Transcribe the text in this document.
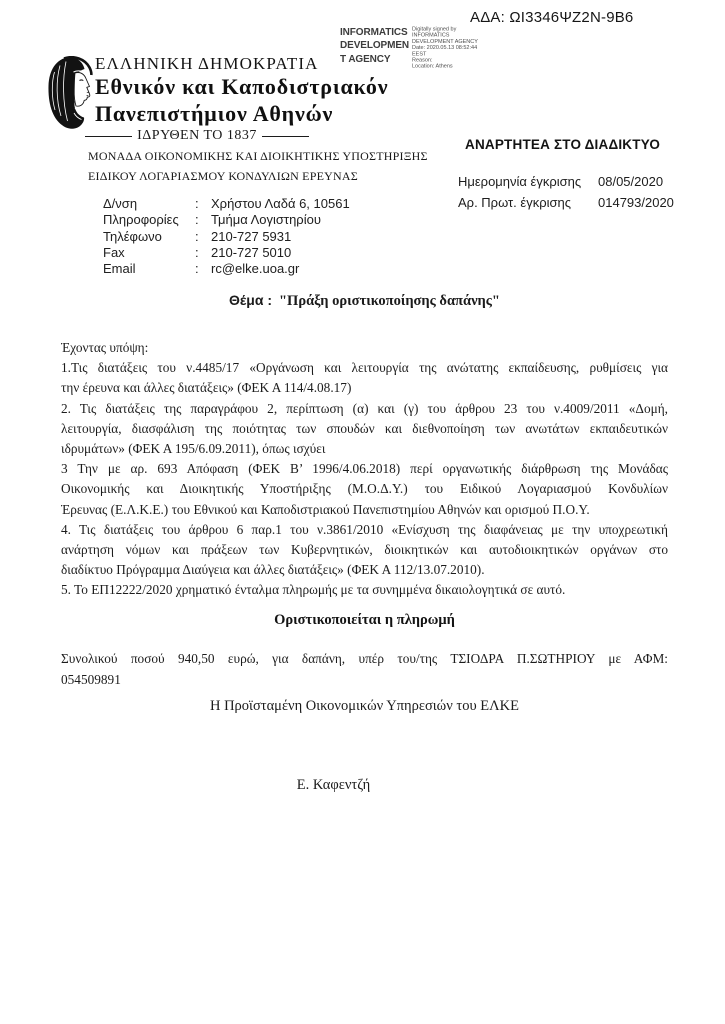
ΑΔΑ: ΩΙ3346ΨΖ2Ν-9Β6
INFORMATICS
DEVELOPMEN
T AGENCY
Digitally signed by
INFORMATICS
DEVELOPMENT AGENCY
Date: 2020.05.13 08:52:44
EEST
Reason:
Location: Athens
ΕΛΛΗΝΙΚΗ ΔΗΜΟΚΡΑΤΙΑ
Εθνικόν και Καποδιστριακόν
Πανεπιστήμιον Αθηνών
ΙΔΡΥΘΕΝ ΤΟ 1837
ΜΟΝΑΔΑ ΟΙΚΟΝΟΜΙΚΗΣ ΚΑΙ ΔΙΟΙΚΗΤΙΚΗΣ ΥΠΟΣΤΗΡΙΞΗΣ
ΕΙΔΙΚΟΥ ΛΟΓΑΡΙΑΣΜΟΥ ΚΟΝΔΥΛΙΩΝ ΕΡΕΥΝΑΣ
Δ/νση	: Χρήστου Λαδά 6, 10561
Πληροφορίες	: Τμήμα Λογιστηρίου
Τηλέφωνο	: 210-727 5931
Fax	: 210-727 5010
Email	: rc@elke.uoa.gr
ΑΝΑΡΤΗΤΕΑ ΣΤΟ ΔΙΑΔΙΚΤΥΟ
Ημερομηνία έγκρισης	08/05/2020
Αρ. Πρωτ. έγκρισης	014793/2020
Θέμα : "Πράξη οριστικοποίησης δαπάνης"
Έχοντας υπόψη:
1.Τις διατάξεις του ν.4485/17 «Οργάνωση και λειτουργία της ανώτατης εκπαίδευσης, ρυθμίσεις για
την έρευνα και άλλες διατάξεις» (ΦΕΚ Α 114/4.08.17)
2. Τις διατάξεις της παραγράφου 2, περίπτωση (α) και (γ) του άρθρου 23 του ν.4009/2011 «Δομή,
λειτουργία, διασφάλιση της ποιότητας των σπουδών και διεθνοποίηση των ανωτάτων εκπαιδευτικών
ιδρυμάτων» (ΦΕΚ Α 195/6.09.2011), όπως ισχύει
3 Την με αρ. 693 Απόφαση (ΦΕΚ Β’ 1996/4.06.2018) περί οργανωτικής διάρθρωση της Μονάδας
Οικονομικής και Διοικητικής Υποστήριξης (Μ.Ο.Δ.Υ.) του Ειδικού Λογαριασμού Κονδυλίων
Έρευνας (Ε.Λ.Κ.Ε.) του Εθνικού και Καποδιστριακού Πανεπιστημίου Αθηνών και ορισμού Π.Ο.Υ.
4. Τις διατάξεις του άρθρου 6 παρ.1 του ν.3861/2010 «Ενίσχυση της διαφάνειας με την υποχρεωτική
ανάρτηση νόμων και πράξεων των Κυβερνητικών, διοικητικών και αυτοδιοικητικών οργάνων στο
διαδίκτυο Πρόγραμμα Διαύγεια και άλλες διατάξεις» (ΦΕΚ Α 112/13.07.2010).
5. Το ΕΠ12222/2020 χρηματικό ένταλμα πληρωμής με τα συνημμένα δικαιολογητικά σε αυτό.
Οριστικοποιείται η πληρωμή
Συνολικού ποσού 940,50 ευρώ, για δαπάνη, υπέρ του/της ΤΣΙΟΔΡΑ Π.ΣΩΤΗΡΙΟΥ με ΑΦΜ:
054509891
Η Προϊσταμένη Οικονομικών Υπηρεσιών του ΕΛΚΕ
Ε. Καφεντζή
